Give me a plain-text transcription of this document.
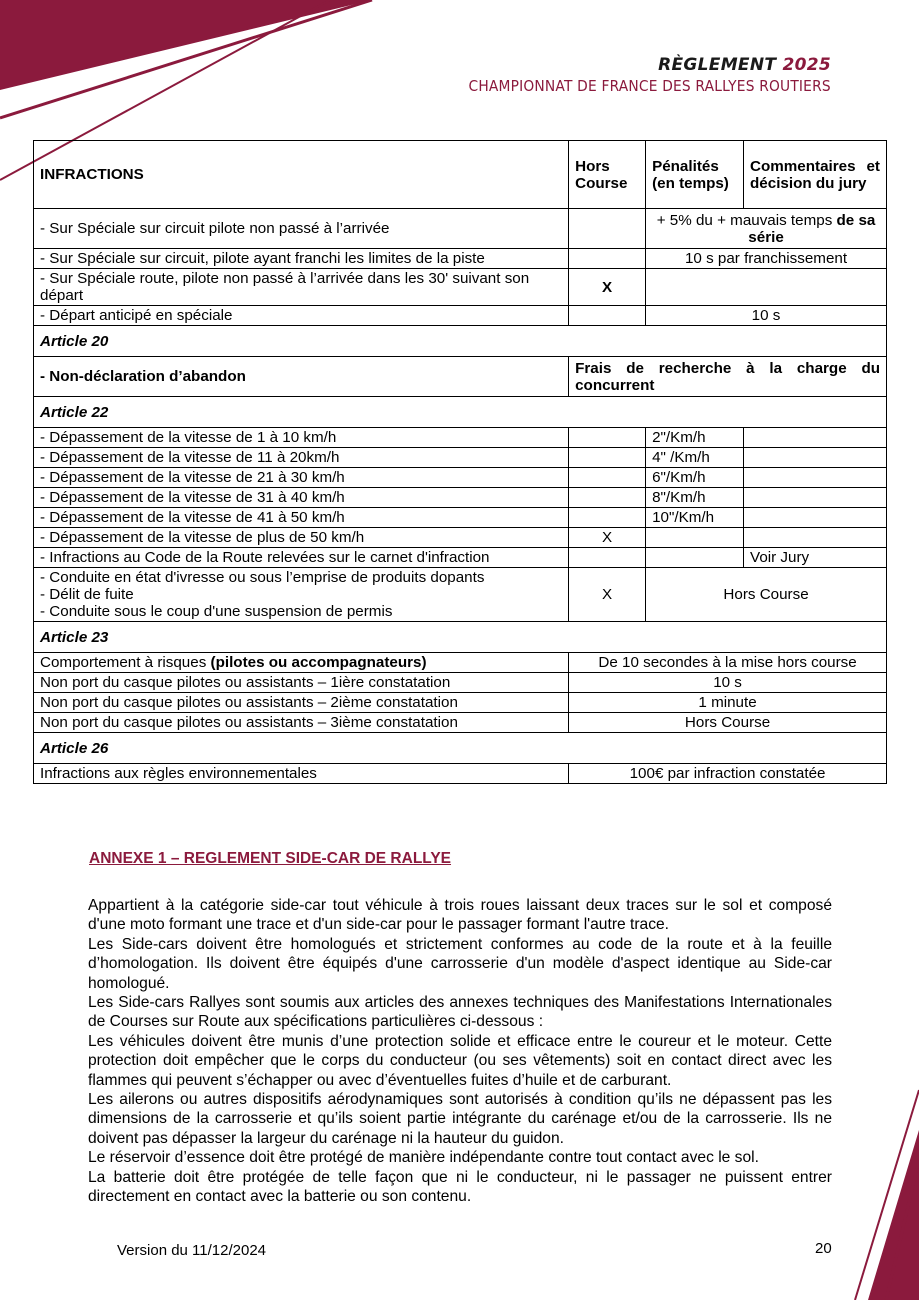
RÈGLEMENT 2025
CHAMPIONNAT DE FRANCE DES RALLYES ROUTIERS
INFRACTIONS	Hors Course	Pénalités (en temps)	Commentaires et décision du jury
- Sur Spéciale sur circuit pilote non passé à l’arrivée		+ 5% du + mauvais temps de sa série	
- Sur Spéciale sur circuit, pilote ayant franchi les limites de la piste		10 s par franchissement	
- Sur Spéciale route, pilote non passé à l’arrivée dans les 30' suivant son départ	X		
- Départ anticipé en spéciale		10 s	
Article 20			
- Non-déclaration d’abandon	Frais de recherche à la charge du concurrent		
Article 22			
- Dépassement de la vitesse de 1 à 10 km/h		2"/Km/h	
- Dépassement de la vitesse de 11 à 20km/h		4" /Km/h	
- Dépassement de la vitesse de 21 à 30 km/h		6"/Km/h	
- Dépassement de la vitesse de 31 à 40 km/h		8"/Km/h	
- Dépassement de la vitesse de 41 à 50 km/h		10"/Km/h	
- Dépassement de la vitesse de plus de 50 km/h	X		
- Infractions au Code de la Route relevées sur le carnet d'infraction			Voir Jury

- Conduite en état d'ivresse ou sous l’emprise de produits dopants
- Délit de fuite
- Conduite sous le coup d'une suspension de permis	X	Hors Course	
Article 23			
Comportement à risques (pilotes ou accompagnateurs)	De 10 secondes à la mise hors course		
Non port du casque pilotes ou assistants – 1ière constatation	10 s		
Non port du casque pilotes ou assistants – 2ième constatation	1 minute		
Non port du casque pilotes ou assistants – 3ième constatation	Hors Course		
Article 26			
Infractions aux règles environnementales	100€ par infraction constatée		
ANNEXE 1 – REGLEMENT SIDE-CAR DE RALLYE

Appartient à la catégorie side-car tout véhicule à trois roues laissant deux traces sur le sol et composé d'une moto formant une trace et d'un side-car pour le passager formant l'autre trace.

Les Side-cars doivent être homologués et strictement conformes au code de la route et à la feuille d’homologation. Ils doivent être équipés d'une carrosserie d'un modèle d'aspect identique au Side-car homologué.

Les Side-cars Rallyes sont soumis aux articles des annexes techniques des Manifestations Internationales de Courses sur Route aux spécifications particulières ci-dessous :

Les véhicules doivent être munis d’une protection solide et efficace entre le coureur et le moteur. Cette protection doit empêcher que le corps du conducteur (ou ses vêtements) soit en contact direct avec les flammes qui peuvent s’échapper ou avec d’éventuelles fuites d’huile et de carburant.

Les ailerons ou autres dispositifs aérodynamiques sont autorisés à condition qu’ils ne dépassent pas les dimensions de la carrosserie et qu’ils soient partie intégrante du carénage et/ou de la carrosserie. Ils ne doivent pas dépasser la largeur du carénage ni la hauteur du guidon.

Le réservoir d’essence doit être protégé de manière indépendante contre tout contact avec le sol.

La batterie doit être protégée de telle façon que ni le conducteur, ni le passager ne puissent entrer directement en contact avec la batterie ou son contenu.

Version du 11/12/2024	20
